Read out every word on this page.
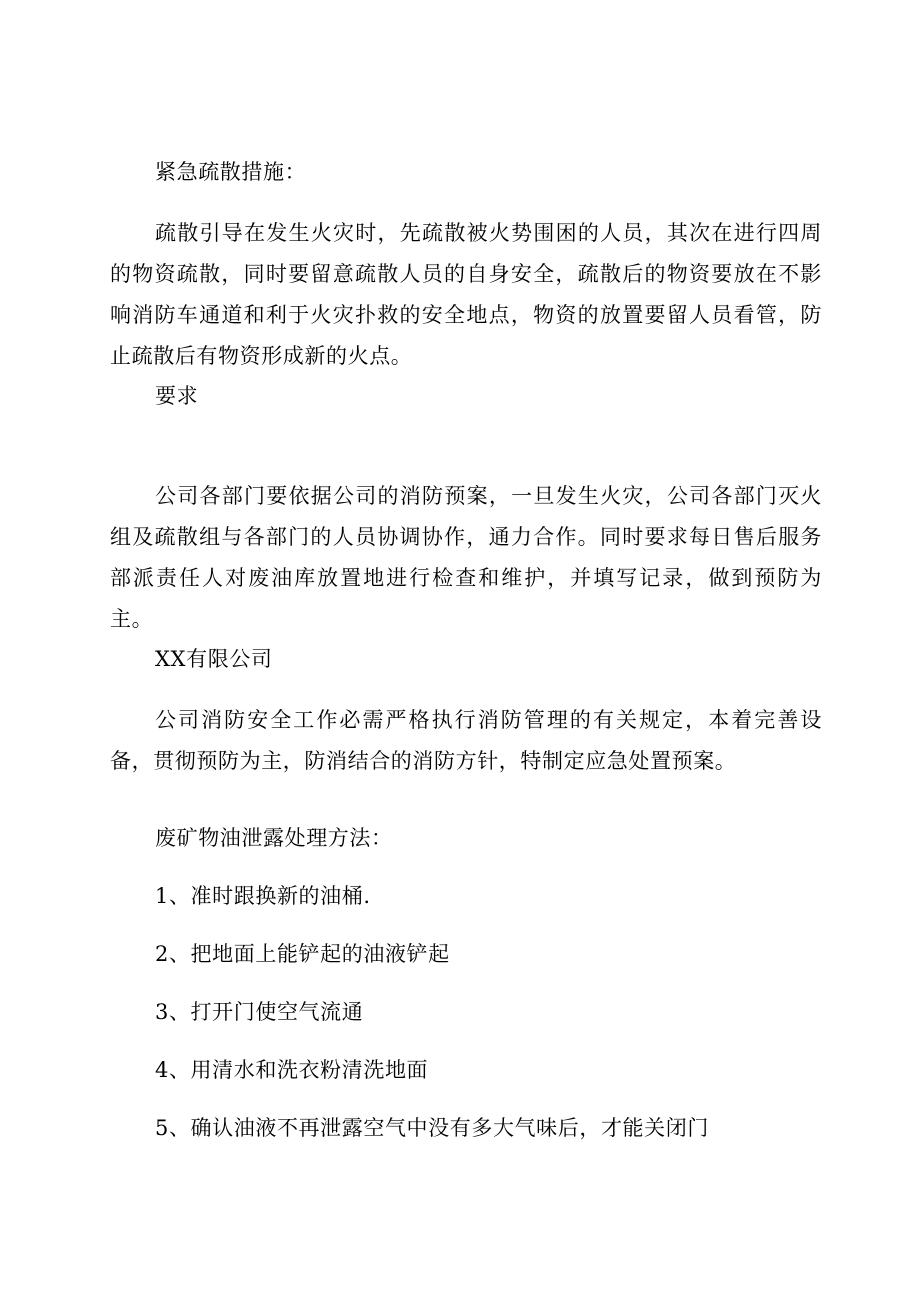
紧急疏散措施：

疏散引导在发生火灾时，先疏散被火势围困的人员，其次在进行四周的物资疏散，同时要留意疏散人员的自身安全，疏散后的物资要放在不影响消防车通道和利于火灾扑救的安全地点，物资的放置要留人员看管，防止疏散后有物资形成新的火点。

要求

公司各部门要依据公司的消防预案，一旦发生火灾，公司各部门灭火组及疏散组与各部门的人员协调协作，通力合作。同时要求每日售后服务部派责任人对废油库放置地进行检查和维护，并填写记录，做到预防为主。

XX有限公司

公司消防安全工作必需严格执行消防管理的有关规定，本着完善设备，贯彻预防为主，防消结合的消防方针，特制定应急处置预案。

废矿物油泄露处理方法：

1、准时跟换新的油桶.

2、把地面上能铲起的油液铲起

3、打开门使空气流通

4、用清水和洗衣粉清洗地面

5、确认油液不再泄露空气中没有多大气味后，才能关闭门
